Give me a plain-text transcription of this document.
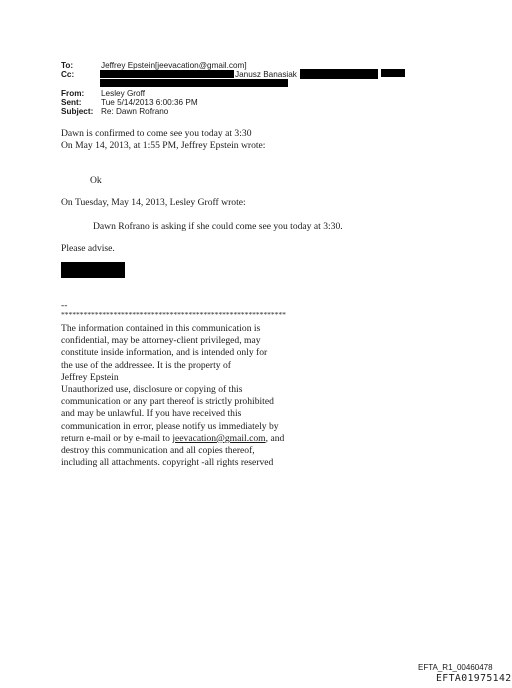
To:	Jeffrey Epstein[jeevacation@gmail.com]
Cc:	Janusz Banasiak
From: Lesley Groff
Sent: Tue 5/14/2013 6:00:36 PM
Subject: Re: Dawn Rofrano
Dawn is confirmed to come see you today at 3:30
On May 14, 2013, at 1:55 PM, Jeffrey Epstein wrote:
Ok
On Tuesday, May 14, 2013, Lesley Groff wrote:
Dawn Rofrano is asking if she could come see you today at 3:30.
Please advise.
--
************************************************************
The information contained in this communication is
confidential, may be attorney-client privileged, may
constitute inside information, and is intended only for
the use of the addressee. It is the property of
Jeffrey Epstein
Unauthorized use, disclosure or copying of this
communication or any part thereof is strictly prohibited
and may be unlawful. If you have received this
communication in error, please notify us immediately by
return e-mail or by e-mail to jeevacation@gmail.com, and
destroy this communication and all copies thereof,
including all attachments. copyright -all rights reserved
EFTA_R1_00460478
EFTA01975142
